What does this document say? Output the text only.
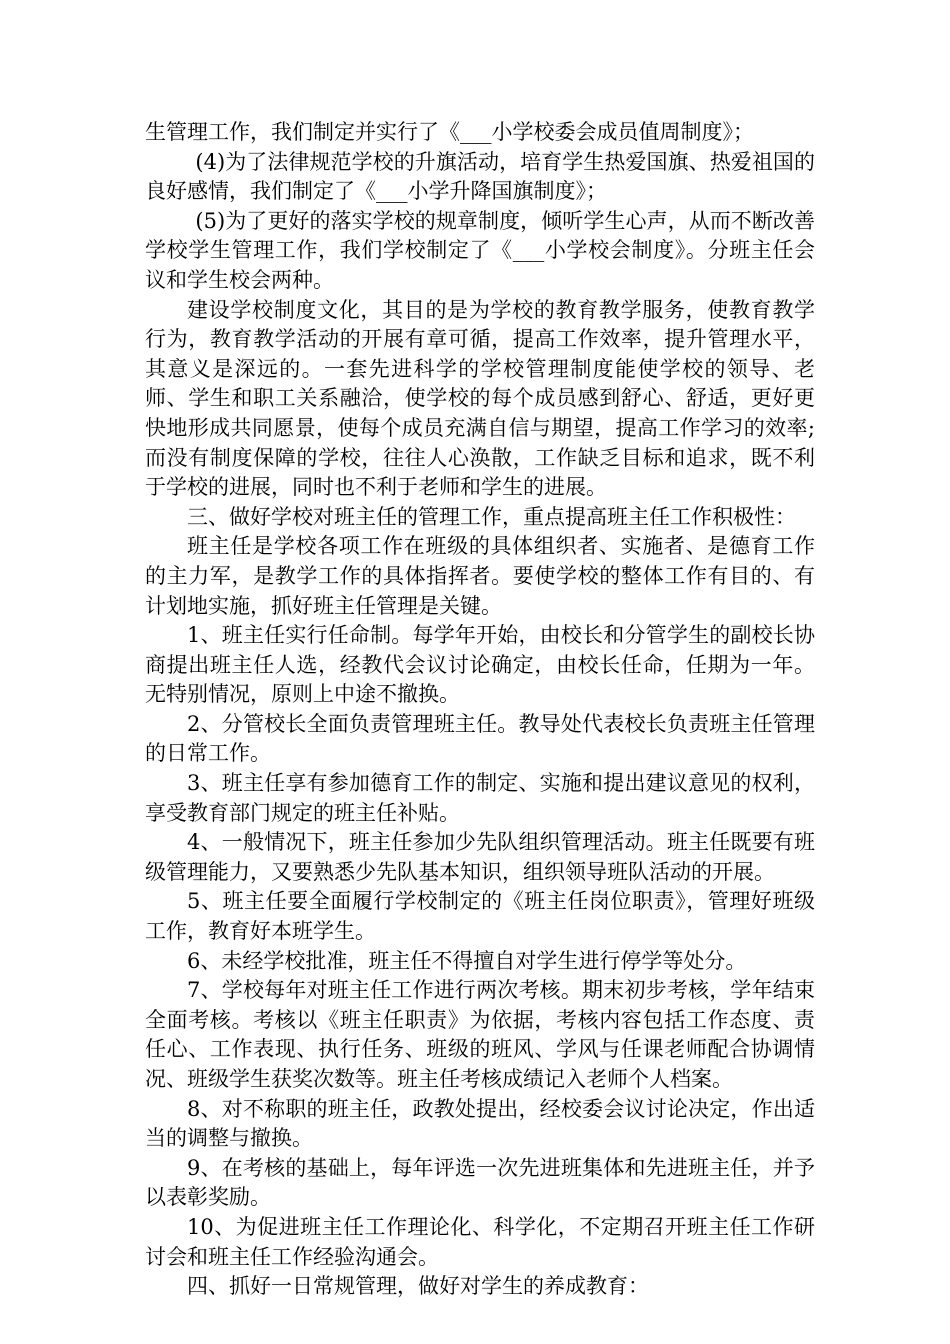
生管理工作，我们制定并实行了《___小学校委会成员值周制度》；

(4)为了法律规范学校的升旗活动，培育学生热爱国旗、热爱祖国的良好感情，我们制定了《___小学升降国旗制度》；

(5)为了更好的落实学校的规章制度，倾听学生心声，从而不断改善学校学生管理工作，我们学校制定了《___小学校会制度》。分班主任会议和学生校会两种。

建设学校制度文化，其目的是为学校的教育教学服务，使教育教学行为，教育教学活动的开展有章可循，提高工作效率，提升管理水平，其意义是深远的。一套先进科学的学校管理制度能使学校的领导、老师、学生和职工关系融洽，使学校的每个成员感到舒心、舒适，更好更快地形成共同愿景，使每个成员充满自信与期望，提高工作学习的效率;而没有制度保障的学校，往往人心涣散，工作缺乏目标和追求，既不利于学校的进展，同时也不利于老师和学生的进展。

三、做好学校对班主任的管理工作，重点提高班主任工作积极性：

班主任是学校各项工作在班级的具体组织者、实施者、是德育工作的主力军，是教学工作的具体指挥者。要使学校的整体工作有目的、有计划地实施，抓好班主任管理是关键。

1、班主任实行任命制。每学年开始，由校长和分管学生的副校长协商提出班主任人选，经教代会议讨论确定，由校长任命，任期为一年。无特别情况，原则上中途不撤换。

2、分管校长全面负责管理班主任。教导处代表校长负责班主任管理的日常工作。

3、班主任享有参加德育工作的制定、实施和提出建议意见的权利，享受教育部门规定的班主任补贴。

4、一般情况下，班主任参加少先队组织管理活动。班主任既要有班级管理能力，又要熟悉少先队基本知识，组织领导班队活动的开展。

5、班主任要全面履行学校制定的《班主任岗位职责》，管理好班级工作，教育好本班学生。

6、未经学校批准，班主任不得擅自对学生进行停学等处分。

7、学校每年对班主任工作进行两次考核。期末初步考核，学年结束全面考核。考核以《班主任职责》为依据，考核内容包括工作态度、责任心、工作表现、执行任务、班级的班风、学风与任课老师配合协调情况、班级学生获奖次数等。班主任考核成绩记入老师个人档案。

8、对不称职的班主任，政教处提出，经校委会议讨论决定，作出适当的调整与撤换。

9、在考核的基础上，每年评选一次先进班集体和先进班主任，并予以表彰奖励。

10、为促进班主任工作理论化、科学化，不定期召开班主任工作研讨会和班主任工作经验沟通会。

四、抓好一日常规管理，做好对学生的养成教育：
